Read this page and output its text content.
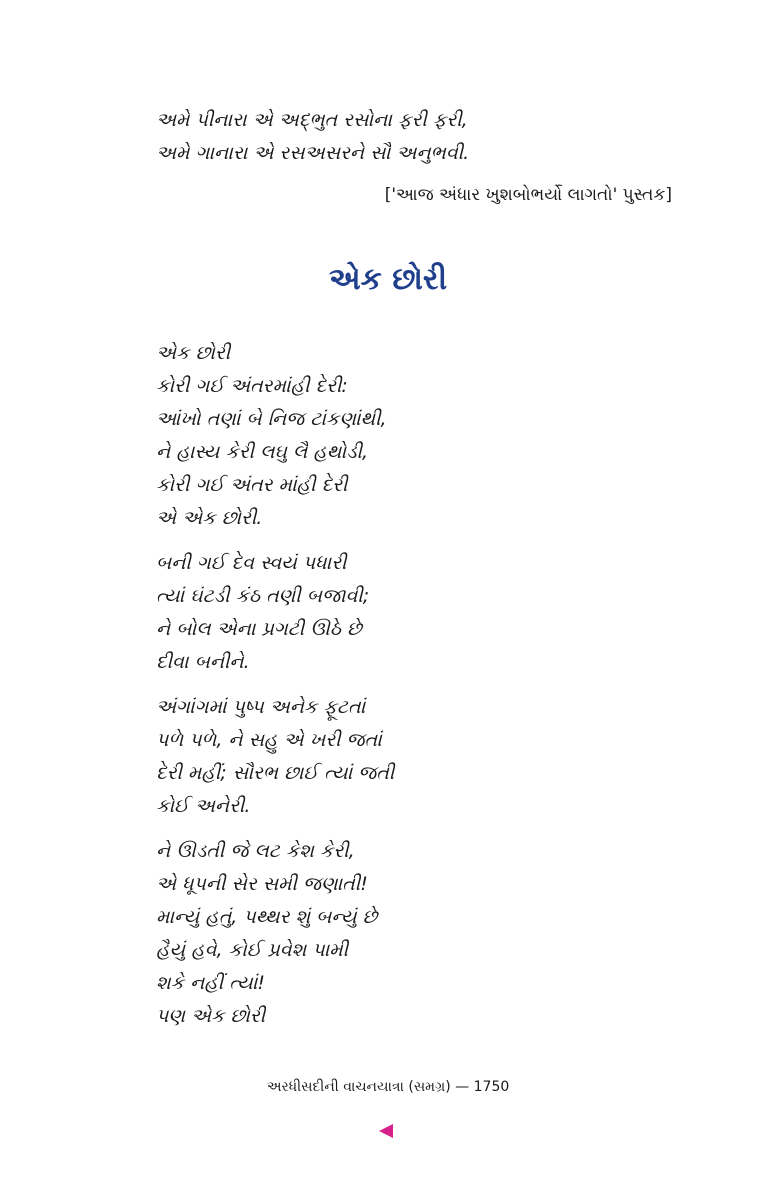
અમે પીનારા એ અદ્‌ભુત રસોના ફરી ફરી,
અમે ગાનારા એ રસઅસરને સૌ અનુભવી.
['આજ અંધાર ખુશબોભર્યો લાગતો' પુસ્તક]
એક છોરી
એક છોરી
કોરી ગઈ અંતરમાંહી દેરી:
આંખો તણાં બે નિજ ટાંકણાંથી,
ને હાસ્ય કેરી લઘુ લૈ હથોડી,
કોરી ગઈ અંતર માંહી દેરી
એ એક છોરી.
બની ગઈ દેવ સ્વયં પધારી
ત્યાં ઘંટડી કંઠ તણી બજાવી;
ને બોલ એના પ્રગટી ઊઠે છે
દીવા બનીને.
અંગાંગમાં પુષ્પ અનેક ફૂટતાં
પળે પળે, ને સહુ એ ખરી જતાં
દેરી મહીં; સૌરભ છાઈ ત્યાં જતી
કોઈ અનેરી.
ને ઊડતી જે લટ કેશ કેરી,
એ ધૂપની સેર સમી જણાતી!
માન્યું હતું, પથ્થર શું બન્યું છે
હૈયું હવે, કોઈ પ્રવેશ પામી
શકે નહીં ત્યાં!
પણ એક છોરી
અરધીસદીની વાચનયાત્રા (સમગ્ર) — 1750
